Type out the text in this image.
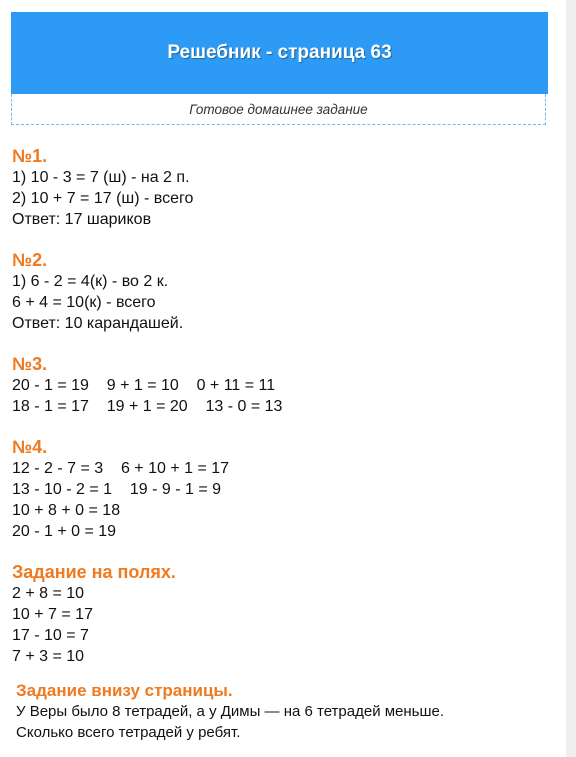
Решебник - страница 63
Готовое домашнее задание
№1.
1) 10 - 3 = 7 (ш) - на 2 п.
2) 10 + 7 = 17 (ш) - всего
Ответ: 17 шариков
№2.
1) 6 - 2 = 4(к) - во 2 к.
6 + 4 = 10(к) - всего
Ответ: 10 карандашей.
№3.
20 - 1 = 19    9 + 1 = 10    0 + 11 = 11
18 - 1 = 17    19 + 1 = 20    13 - 0 = 13
№4.
12 - 2 - 7 = 3    6 + 10 + 1 = 17
13 - 10 - 2 = 1    19 - 9 - 1 = 9
10 + 8 + 0 = 18
20 - 1 + 0 = 19
Задание на полях.
2 + 8 = 10
10 + 7 = 17
17 - 10 = 7
7 + 3 = 10
Задание внизу страницы.
У Веры было 8 тетрадей, а у Димы — на 6 тетрадей меньше.
Сколько всего тетрадей у ребят.
